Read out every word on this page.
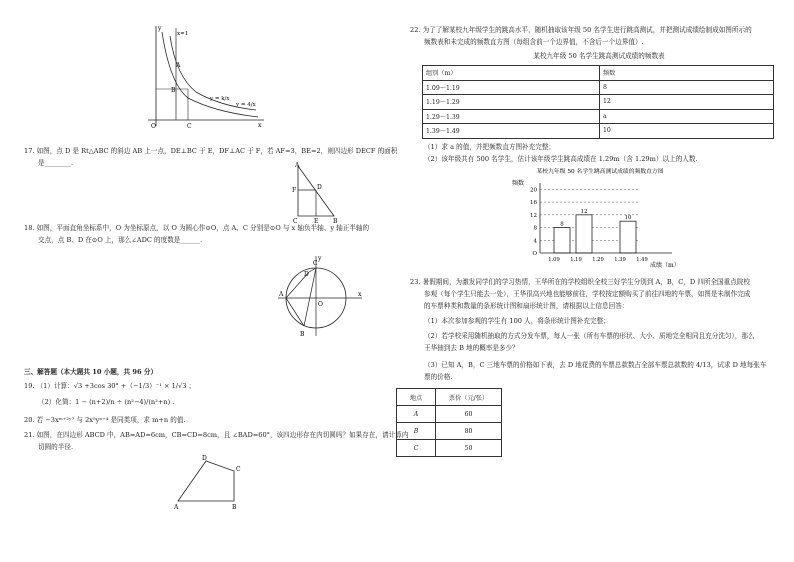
y
x=1
x
O
A
B
C
y = k/x
y = 4/x
17. 如图，点 D 是 Rt△ABC 的斜边 AB 上一点，DE⊥BC 于 E，DF⊥AC 于 F，若 AF=3，BE=2，则四边形 DECF 的面积
是________.	A
F	D
C	E B
18. 如图，平面直角坐标系中，O 为坐标原点，以 O 为圆心作⊙O，点 A、C 分别是⊙O 与 x 轴负半轴、y 轴正半轴的
交点，点 B、D 在⊙O 上，那么∠ADC 的度数是______.
C
A
O
D
B
x
y
三、解答题（本大题共 10 小题，共 96 分）
19. （1）计算：√3 +3cos 30° +（−1/3）⁻¹ × 1/√3 ；
（2）化简：1 − (n+2)/n ÷ (n²−4)/(n²+n) .
20. 若 −3xᵐ⁺²ʸ⁷ 与 2x⁵yⁿ⁺⁴ 是同类项，求 m+n 的值.
21. 如图，在四边形 ABCD 中，AB=AD=6cm，CB=CD=8cm，且 ∠BAD=60°，该四边形存在内切圆吗？如果存在，请计算内
切圆的半径.
D
C
A	B
22. 为了了解某校九年级学生的跳高水平，随机抽取该年级 50 名学生进行跳高测试，并把测试成绩绘制成如图所示的
频数表和未完成的频数直方图（每组含前一个边界值，不含后一个边界值）.
某校九年级 50 名学生跳高测试成绩的频数表
组别（m）	频数
1.09～1.19	8
1.19～1.29	12
1.29～1.39	a
1.39～1.49	10
（1）求 a 的值，并把频数直方图补充完整；
（2）该年级共有 500 名学生，估计该年级学生跳高成绩在 1.29m（含 1.29m）以上的人数.
某校九年级 50 名学生跳高测试成绩的频数直方图
频数
成绩（m）
8
12
10
4
8
12
16
20
O
1.09 1.19 1.29 1.39 1.49
23. 暑假期间，为激发同学们的学习热情，王华所在的学校组织全校三好学生分别到 A，B，C，D 四所全国重点院校
参观（每个学生只能去一处），王华很高兴地也能够前往，学校按定额购买了前往四地的车票，如图是未制作完成
的车票种类和数量的条形统计图和扇形统计图，请根据以上信息回答：
（1）本次参加参观的学生有 100 人，将条形统计图补充完整；
（2）若学校采用随机抽取的方式分发车票，每人一张（所有车票的形状、大小、质地完全相同且充分洗匀），那么
王华抽到去 B 地的概率是多少？
（3）已知 A，B，C 三地车票的价格如下表，去 D 地花费的车票总款数占全部车票总款数的 4/13，试求 D 地每张车
票的价格.
地点	票价（元/张）
A	60
B	80
C	50
